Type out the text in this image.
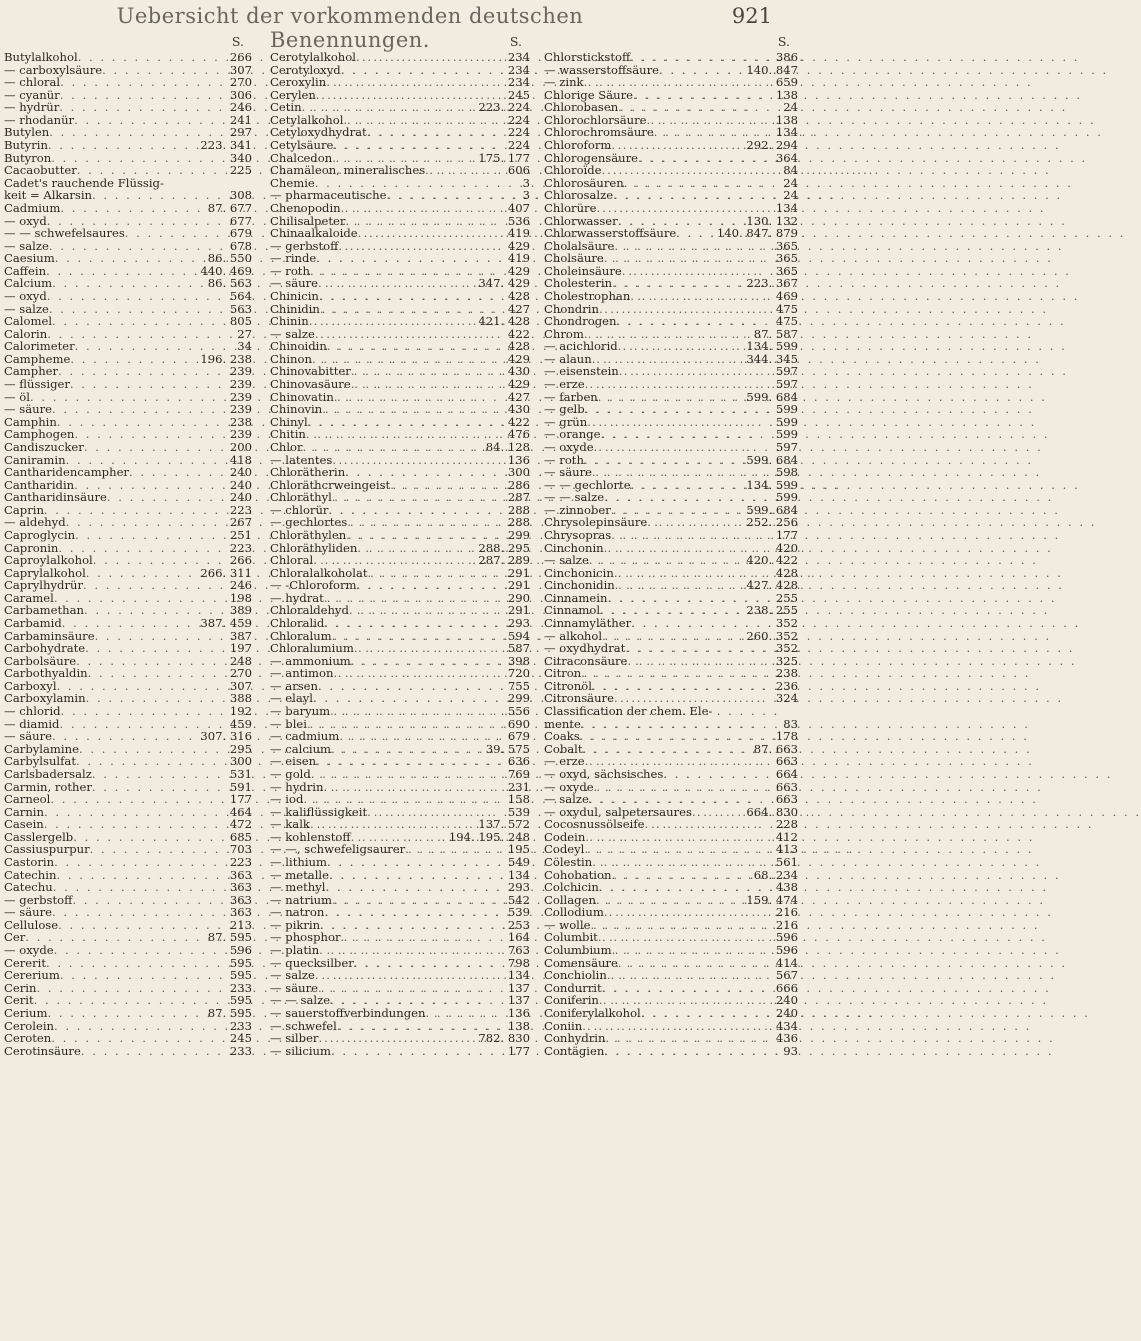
Uebersicht der vorkommenden deutschen Benennungen.
921
S.
Butylalkohol . . .	266
— carboxylsäure . . .	307
— chloral . . .	270
— cyanür . . .	306
— hydrür . . .	246
— rhodanür . . .	241
Butylen . . .	297
Butyrin . . .	223. 341
Butyron . . .	340
Cacaobutter . . .	225
Cadet's rauchende Flüssig-
keit = Alkarsin . . .	308
Cadmium . . .	87. 677
— oxyd . . .	677
— — schwefelsaures . . .	679
— salze . . .	678
Caesium . . .	86. 550
Caffein . . .	440. 469
Calcium . . .	86. 563
— oxyd . . .	564
— salze . . .	563
Calomel . . .	805
Calorin . . .	27
Calorimeter . . .	34
Campheme . . .	196. 238
Campher . . .	239
— flüssiger . . .	239
— öl . . .	239
— säure . . .	239
Camphin . . .	238
Camphogen . . .	239
Candiszucker . . .	200
Caniramin . . .	418
Cantharidencampher . . .	240
Cantharidin . . .	240
Cantharidinsäure . . .	240
Caprin . . .	223
— aldehyd . . .	267
Caproglycin . . .	251
Capronin . . .	223
Caproylalkohol . . .	266
Caprylalkohol . . .	266. 311
Caprylhydrür . . .	246
Caramel . . .	198
Carbamethan . . .	389
Carbamid . . .	387. 459
Carbaminsäure . . .	387
Carbohydrate . . .	197
Carbolsäure . . .	248
Carbothyaldin . . .	270
Carboxyl . . .	307
Carboxylamin . . .	388
— chlorid . . .	192
— diamid . . .	459
— säure . . .	307. 316
Carbylamine . . .	295
Carbylsulfat . . .	300
Carlsbadersalz . . .	531
Carmin, rother . . .	591
Carneol . . .	177
Carnin . . .	464
Casein . . .	472
Casslergelb . . .	685
Cassiuspurpur . . .	703
Castorin . . .	223
Catechin . . .	363
Catechu . . .	363
— gerbstoff . . .	363
— säure . . .	363
Cellulose . . .	213
Cer . . .	87. 595
— oxyde . . .	596
Cererit . . .	595
Cererium . . .	595
Cerin . . .	233
Cerit . . .	595
Cerium . . .	87. 595
Cerolein . . .	233
Ceroten . . .	245
Cerotinsäure . . .	233
S.
Cerotylalkohol . . .	234
Cerotyloxyd . . .	234
Ceroxylin . . .	234
Cerylen . . .	245
Cetin . . .	223. 224
Cetylalkohol . . .	224
Cetyloxydhydrat . . .	224
Cetylsäure . . .	224
Chalcedon . . .	175. 177
Chamäleon, mineralisches . . .	606
Chemie . . .	3
— pharmaceutische . . .	3
Chenopodin . . .	407
Chilisalpeter . . .	536
Chinaalkaloide . . .	419
— gerbstoff . . .	429
— rinde . . .	419
— roth . . .	429
— säure . . .	347. 429
Chinicin . . .	428
Chinidin . . .	427
Chinin . . .	421. 428
— salze . . .	422
Chinoidin . . .	428
Chinon . . .	429
Chinovabitter . . .	430
Chinovasäure . . .	429
Chinovatin . . .	427
Chinovin . . .	430
Chinyl . . .	422
Chitin . . .	476
Chlor . . .	84. 128
— latentes . . .	136
Chlorätherin . . .	300
Chloräthcrweingeist . . .	286
Chloräthyl . . .	287
— chlorür . . .	288
— gechlortes . . .	288
Chloräthylen . . .	299
Chloräthyliden . . .	288. 295
Chloral . . .	287. 289
Chloralalkoholat . . .	291
— -Chloroform . . .	291
— hydrat . . .	290
Chloraldehyd . . .	291
Chloralid . . .	293
Chloralum . . .	594
Chloralumium . . .	587
— ammonium . . .	398
— antimon . . .	720
— arsen . . .	755
— elayl . . .	299
— baryum . . .	556
— blei . . .	690
— cadmium . . .	679
— calcium . . .	39. 575
— eisen . . .	636
— gold . . .	769
— hydrin . . .	231
— iod . . .	158
— kaliflüssigkeit . . .	539
— kalk . . .	137. 572
— kohlenstoff . . .	194. 195. 248
— —, schwefeligsaurer . . .	195
— lithium . . .	549
— metalle . . .	134
— methyl . . .	293
— natrium . . .	542
— natron . . .	539
— pikrin . . .	253
— phosphor . . .	164
— platin . . .	763
— quecksilber . . .	798
— salze . . .	134
— säure . . .	137
— — salze . . .	137
— sauerstoffverbindungen . . .	136
— schwefel . . .	138
— silber . . .	782. 830
— silicium . . .	177
S.
Chlorstickstoff . . .	386
— wasserstoffsäure . . .	140. 847
— zink . . .	659
Chlorige Säure . . .	138
Chlorobasen . . .	24
Chlorochlorsäure . . .	138
Chlorochromsäure . . .	134
Chloroform . . .	292. 294
Chlorogensäure . . .	364
Chloroïde . . .	84
Chlorosäuren . . .	24
Chlorosalze . . .	24
Chlorüre . . .	134
Chlorwasser . . .	130. 132
Chlorwasserstoffsäure . . .	140. 847. 879
Cholalsäure . . .	365
Cholsäure . . .	365
Choleinsäure . . .	365
Cholesterin . . .	223. 367
Cholestrophan . . .	469
Chondrin . . .	475
Chondrogen . . .	475
Chrom . . .	87. 587
— acichlorid . . .	134. 599
— alaun . . .	344. 345
— eisenstein . . .	597
— erze . . .	597
— farben . . .	599. 684
— gelb . . .	599
— grün . . .	599
— orange . . .	599
— oxyde . . .	597
— roth . . .	599. 684
— säure . . .	598
— — gechlorte . . .	134. 599
— — salze . . .	599
— zinnober . . .	599. 684
Chrysolepinsäure . . .	252. 256
Chrysopras . . .	177
Cinchonin . . .	420
— salze . . .	420. 422
Cinchonicin . . .	428
Cinchonidin . . .	427. 428
Cinnamein . . .	255
Cinnamol . . .	238. 255
Cinnamyläther . . .	352
— alkohol . . .	260. 352
— oxydhydrat . . .	352
Citraconsäure . . .	325
Citron . . .	238
Citronöl . . .	236
Citronsäure . . .	324
Classification der chem. Ele-
mente . . .	83
Coaks . . .	178
Cobalt . . .	87. 663
— erze . . .	663
— oxyd, sächsisches . . .	664
— oxyde . . .	663
— salze . . .	663
— oxydul, salpetersaures . . .	664. 830
Cocosnussölseife . . .	228
Codein . . .	412
Codeyl . . .	413
Cölestin . . .	561
Cohobation . . .	68. 234
Colchicin . . .	438
Collagen . . .	159. 474
Collodium . . .	216
— wolle . . .	216
Columbit . . .	596
Columbium . . .	596
Comensäure . . .	414
Conchiolin . . .	567
Condurrit . . .	666
Coniferin . . .	240
Coniferylalkohol . . .	240
Coniin . . .	434
Conhydrin . . .	436
Contägien . . .	93
